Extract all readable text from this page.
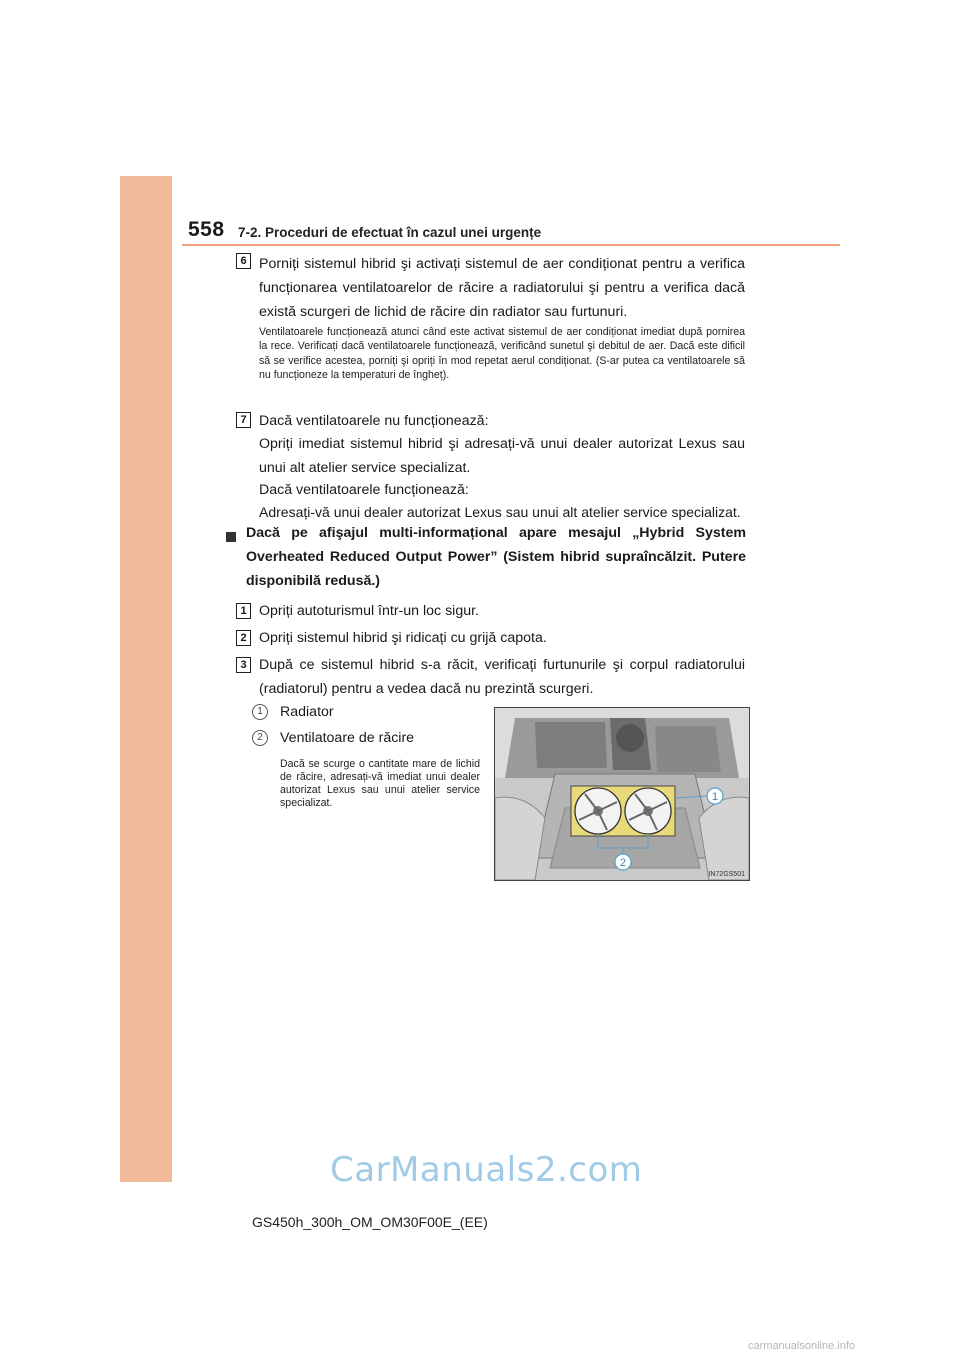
558 7-2. Proceduri de efectuat în cazul unei urgențe
6 Porniți sistemul hibrid şi activați sistemul de aer condiționat pentru a verifica funcționarea ventilatoarelor de răcire a radiatorului şi pentru a verifica dacă există scurgeri de lichid de răcire din radiator sau furtunuri.
Ventilatoarele funcționează atunci când este activat sistemul de aer condiționat imediat după pornirea la rece. Verificați dacă ventilatoarele funcționează, verificând sunetul şi debitul de aer. Dacă este dificil să se verifice acestea, porniți şi opriți în mod repetat aerul condiționat. (S-ar putea ca ventilatoarele să nu funcționeze la temperaturi de îngheț).
7 Dacă ventilatoarele nu funcționează:
Opriți imediat sistemul hibrid şi adresați-vă unui dealer autorizat Lexus sau unui alt atelier service specializat.
Dacă ventilatoarele funcționează:
Adresați-vă unui dealer autorizat Lexus sau unui alt atelier service specializat.
Dacă pe afişajul multi-informațional apare mesajul „Hybrid System Overheated Reduced Output Power” (Sistem hibrid supraîncălzit. Putere disponibilă redusă.)
1 Opriți autoturismul într-un loc sigur.
2 Opriți sistemul hibrid şi ridicați cu grijă capota.
3 După ce sistemul hibrid s-a răcit, verificați furtunurile şi corpul radiatorului (radiatorul) pentru a vedea dacă nu prezintă scurgeri.
1	Radiator
2	Ventilatoare de răcire
Dacă se scurge o cantitate mare de lichid de răcire, adresați-vă imediat unui dealer autorizat Lexus sau unui atelier service specializat.	1
2
IN72GS501
CarManuals2.com
GS450h_300h_OM_OM30F00E_(EE)
carmanualsonline.info
